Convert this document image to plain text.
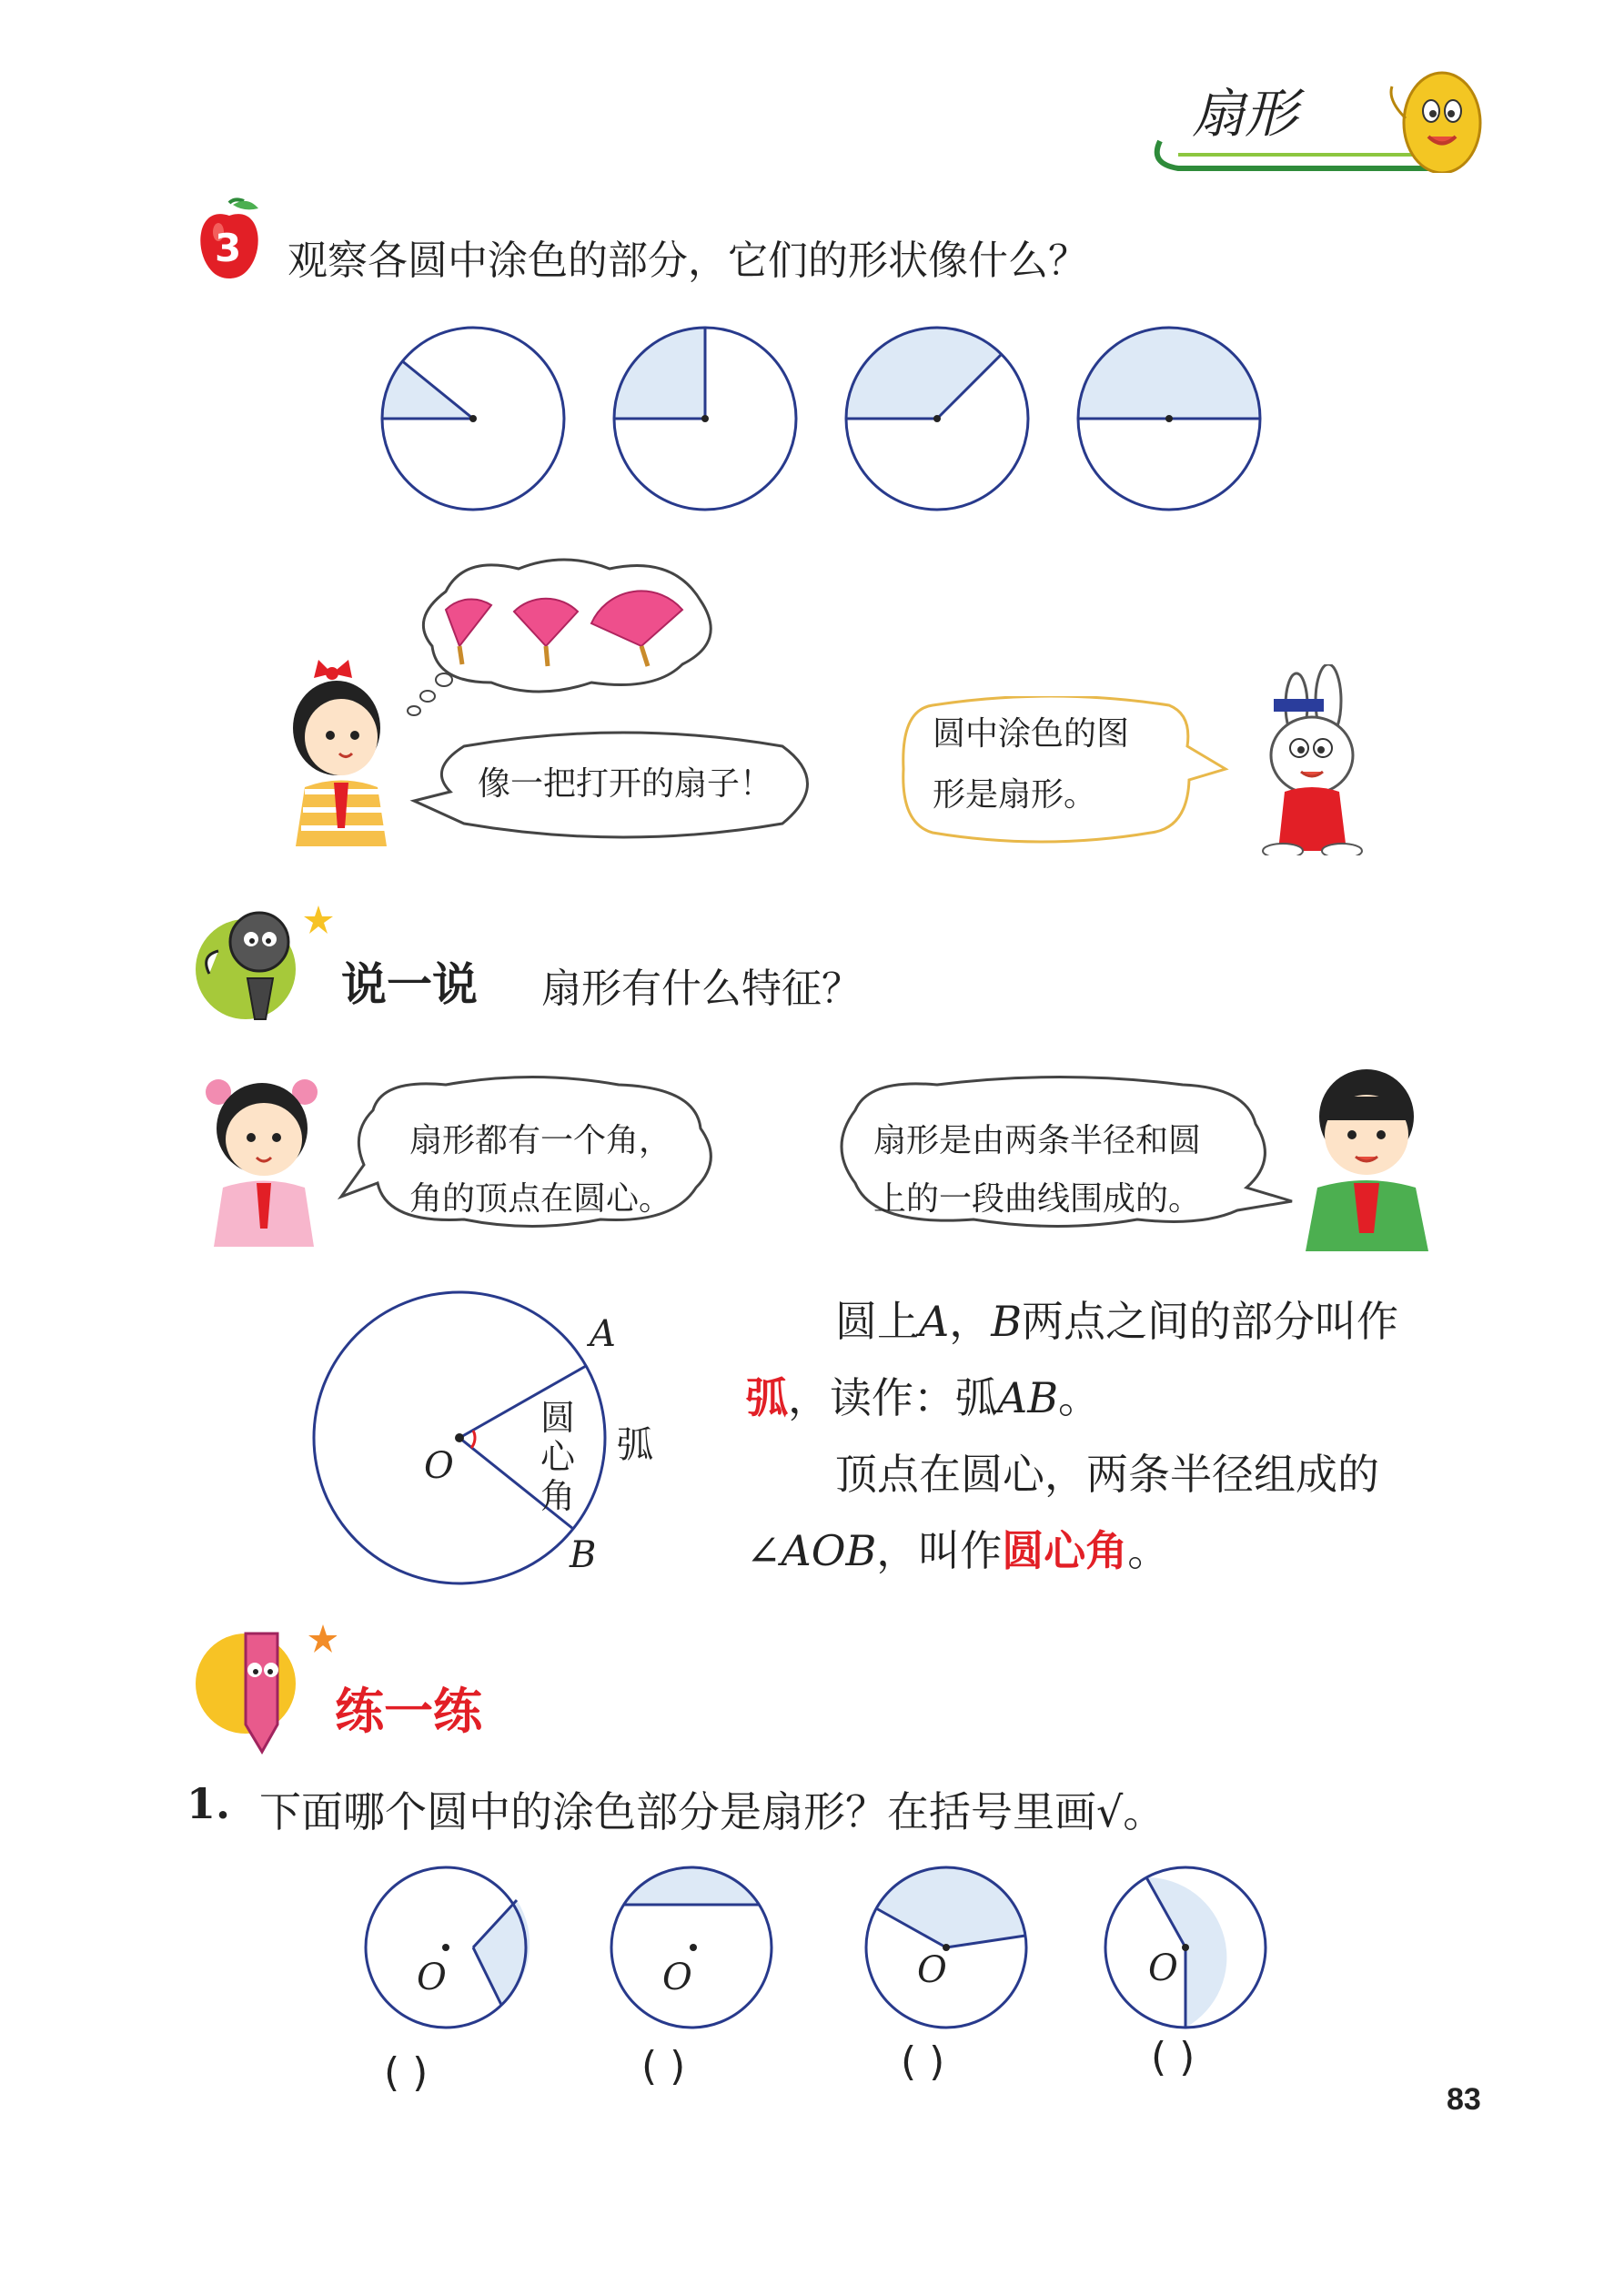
扇形
3 观察各圆中涂色的部分，它们的形状像什么？
像一把打开的扇子！
圆中涂色的图
形是扇形。
说一说 扇形有什么特征？
扇形都有一个角，
角的顶点在圆心。
扇形是由两条半径和圆
上的一段曲线围成的。
A
B
O	弧
圆
心
角
圆上A，B两点之间的部分叫作
弧，读作：弧AB。
顶点在圆心，两条半径组成的
∠AOB，叫作圆心角。
练一练
1. 下面哪个圆中的涂色部分是扇形？在括号里画√。
O	O	O	O
( )	( )	( )	( )
83
